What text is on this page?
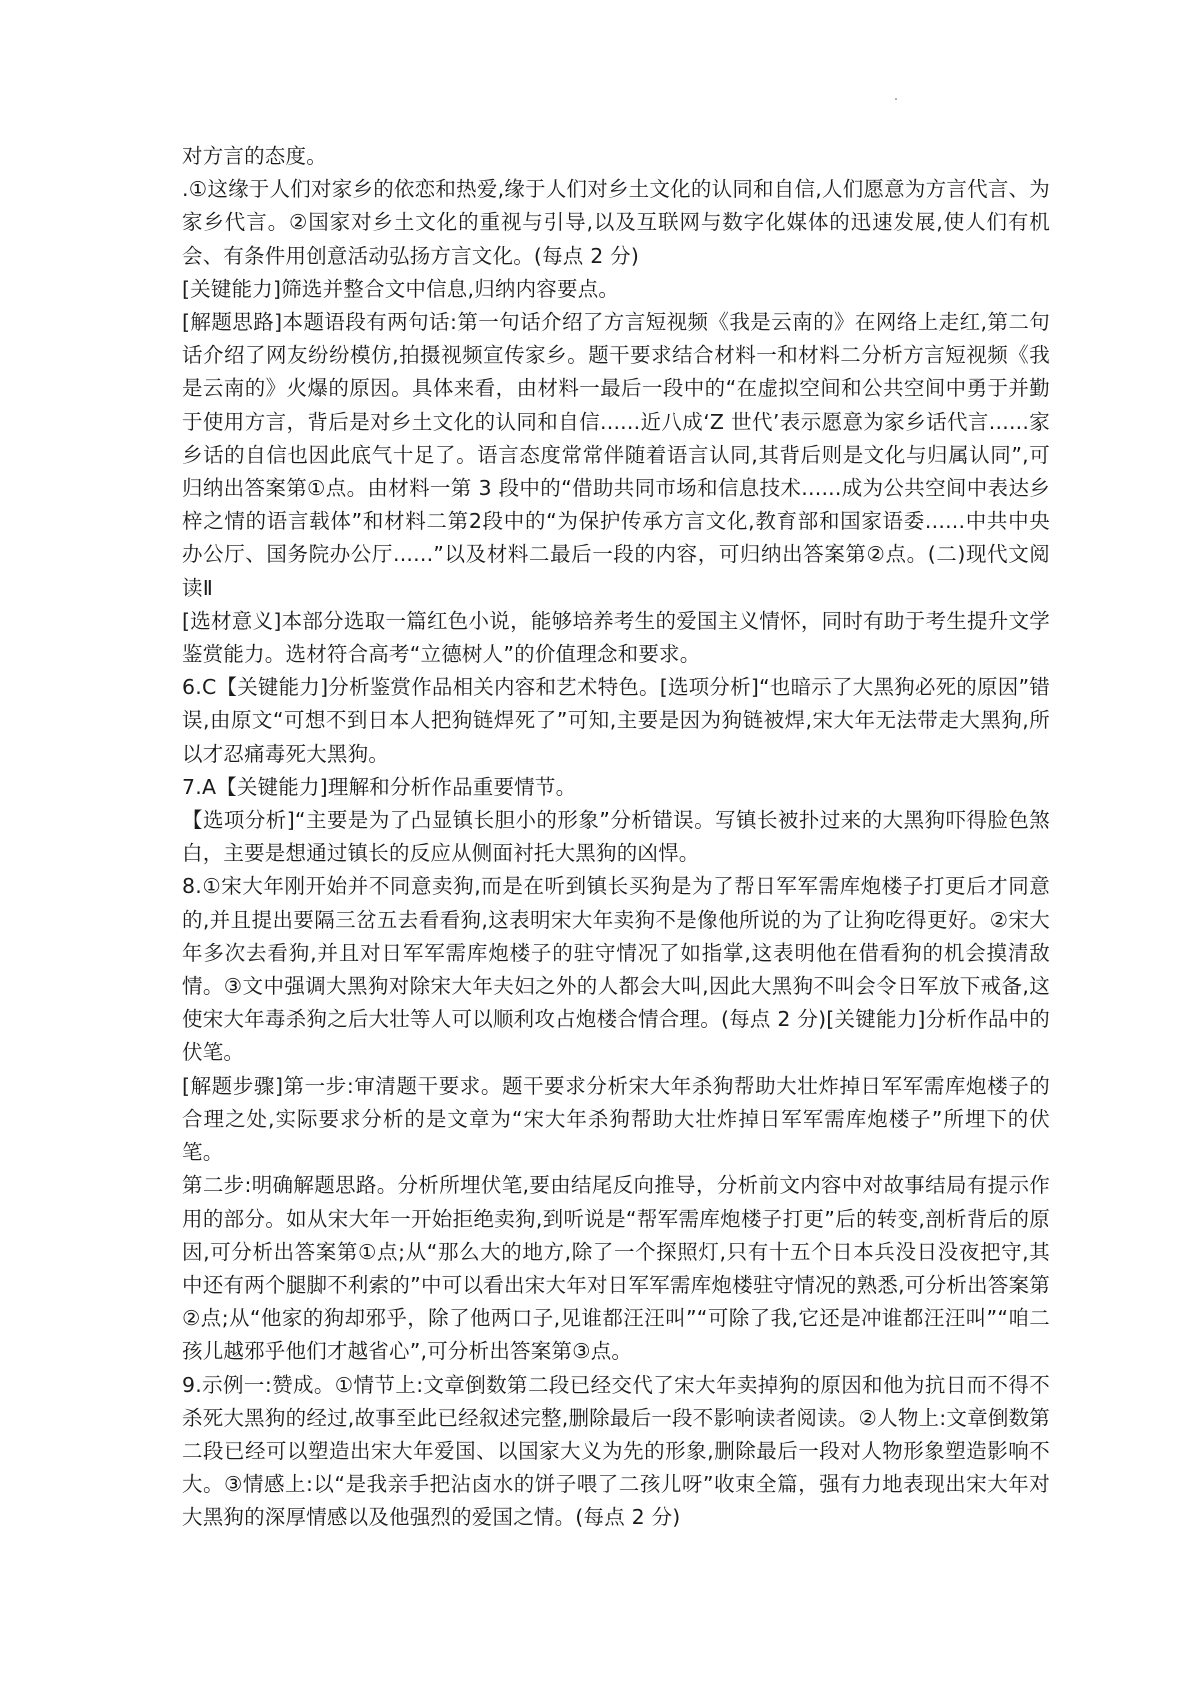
对方言的态度。

.①这缘于人们对家乡的依恋和热爱,缘于人们对乡土文化的认同和自信,人们愿意为方言代言、为家乡代言。②国家对乡土文化的重视与引导,以及互联网与数字化媒体的迅速发展,使人们有机会、有条件用创意活动弘扬方言文化。(每点 2 分)

[关键能力]筛选并整合文中信息,归纳内容要点。

[解题思路]本题语段有两句话:第一句话介绍了方言短视频《我是云南的》在网络上走红,第二句话介绍了网友纷纷模仿,拍摄视频宣传家乡。题干要求结合材料一和材料二分析方言短视频《我是云南的》火爆的原因。具体来看，由材料一最后一段中的“在虚拟空间和公共空间中勇于并勤于使用方言，背后是对乡土文化的认同和自信......近八成‘Z 世代’表示愿意为家乡话代言......家乡话的自信也因此底气十足了。语言态度常常伴随着语言认同,其背后则是文化与归属认同”,可归纳出答案第①点。由材料一第 3 段中的“借助共同市场和信息技术......成为公共空间中表达乡梓之情的语言载体”和材料二第2段中的“为保护传承方言文化,教育部和国家语委......中共中央办公厅、国务院办公厅......”以及材料二最后一段的内容，可归纳出答案第②点。(二)现代文阅读Ⅱ

[选材意义]本部分选取一篇红色小说，能够培养考生的爱国主义情怀，同时有助于考生提升文学鉴赏能力。选材符合高考“立德树人”的价值理念和要求。

6.C【关键能力]分析鉴赏作品相关内容和艺术特色。[选项分析]“也暗示了大黑狗必死的原因”错误,由原文“可想不到日本人把狗链焊死了”可知,主要是因为狗链被焊,宋大年无法带走大黑狗,所以才忍痛毒死大黑狗。

7.A【关键能力]理解和分析作品重要情节。

【选项分析]“主要是为了凸显镇长胆小的形象”分析错误。写镇长被扑过来的大黑狗吓得脸色煞白，主要是想通过镇长的反应从侧面衬托大黑狗的凶悍。

8.①宋大年刚开始并不同意卖狗,而是在听到镇长买狗是为了帮日军军需库炮楼子打更后才同意的,并且提出要隔三岔五去看看狗,这表明宋大年卖狗不是像他所说的为了让狗吃得更好。②宋大年多次去看狗,并且对日军军需库炮楼子的驻守情况了如指掌,这表明他在借看狗的机会摸清敌情。③文中强调大黑狗对除宋大年夫妇之外的人都会大叫,因此大黑狗不叫会令日军放下戒备,这使宋大年毒杀狗之后大壮等人可以顺利攻占炮楼合情合理。(每点 2 分)[关键能力]分析作品中的伏笔。

[解题步骤]第一步:审清题干要求。题干要求分析宋大年杀狗帮助大壮炸掉日军军需库炮楼子的合理之处,实际要求分析的是文章为“宋大年杀狗帮助大壮炸掉日军军需库炮楼子”所埋下的伏笔。

第二步:明确解题思路。分析所埋伏笔,要由结尾反向推导，分析前文内容中对故事结局有提示作用的部分。如从宋大年一开始拒绝卖狗,到听说是“帮军需库炮楼子打更”后的转变,剖析背后的原因,可分析出答案第①点;从“那么大的地方,除了一个探照灯,只有十五个日本兵没日没夜把守,其中还有两个腿脚不利索的”中可以看出宋大年对日军军需库炮楼驻守情况的熟悉,可分析出答案第②点;从“他家的狗却邪乎，除了他两口子,见谁都汪汪叫”“可除了我,它还是冲谁都汪汪叫”“咱二孩儿越邪乎他们才越省心”,可分析出答案第③点。

9.示例一:赞成。①情节上:文章倒数第二段已经交代了宋大年卖掉狗的原因和他为抗日而不得不杀死大黑狗的经过,故事至此已经叙述完整,删除最后一段不影响读者阅读。②人物上:文章倒数第二段已经可以塑造出宋大年爱国、以国家大义为先的形象,删除最后一段对人物形象塑造影响不大。③情感上:以“是我亲手把沾卤水的饼子喂了二孩儿呀”收束全篇，强有力地表现出宋大年对大黑狗的深厚情感以及他强烈的爱国之情。(每点 2 分)
